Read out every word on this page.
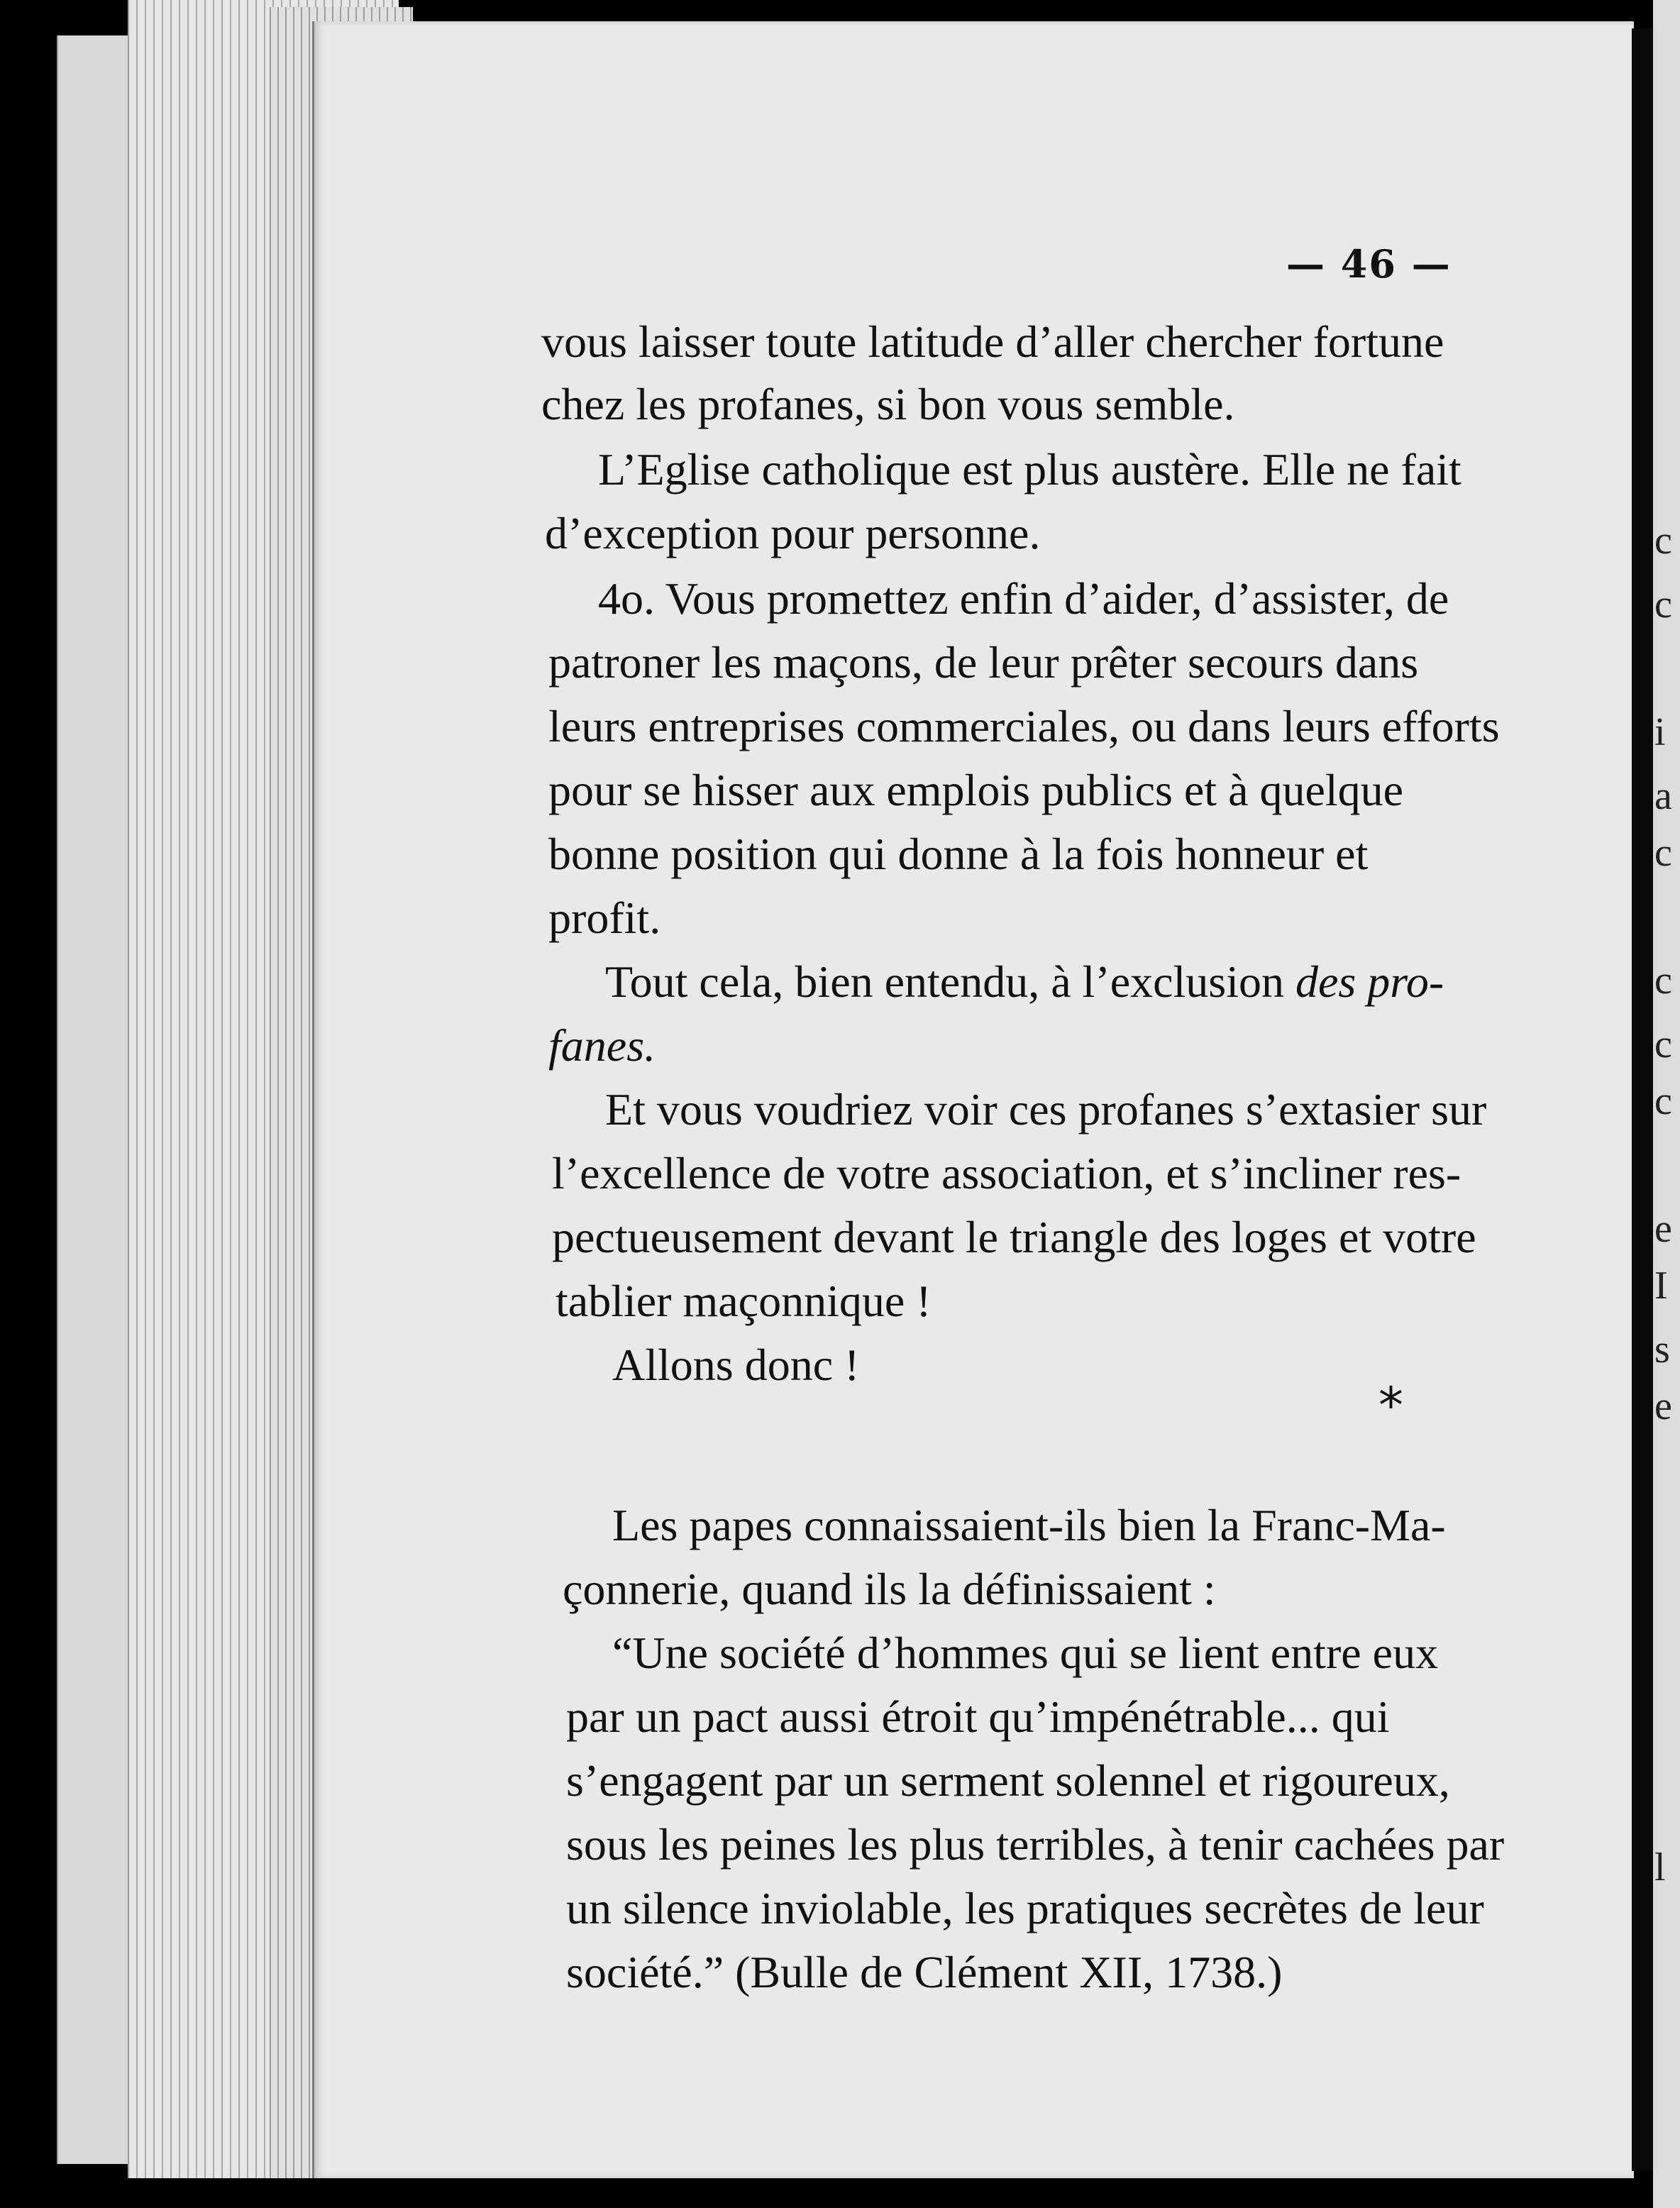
— 46 —
vous laisser toute latitude d’aller chercher fortune
chez les profanes, si bon vous semble.
L’Eglise catholique est plus austère. Elle ne fait
d’exception pour personne.
4o. Vous promettez enfin d’aider, d’assister, de
patroner les maçons, de leur prêter secours dans
leurs entreprises commerciales, ou dans leurs efforts
pour se hisser aux emplois publics et à quelque
bonne position qui donne à la fois honneur et
profit.
Tout cela, bien entendu, à l’exclusion des pro-
fanes.
Et vous voudriez voir ces profanes s’extasier sur
l’excellence de votre association, et s’incliner res-
pectueusement devant le triangle des loges et votre
tablier maçonnique !
Allons donc !
*
Les papes connaissaient-ils bien la Franc-Ma-
çonnerie, quand ils la définissaient :
“Une société d’hommes qui se lient entre eux
par un pact aussi étroit qu’impénétrable... qui
s’engagent par un serment solennel et rigoureux,
sous les peines les plus terribles, à tenir cachées par
un silence inviolable, les pratiques secrètes de leur
société.” (Bulle de Clément XII, 1738.)
c
c
i
a
c
c
c
c
e
I
s
e
l
